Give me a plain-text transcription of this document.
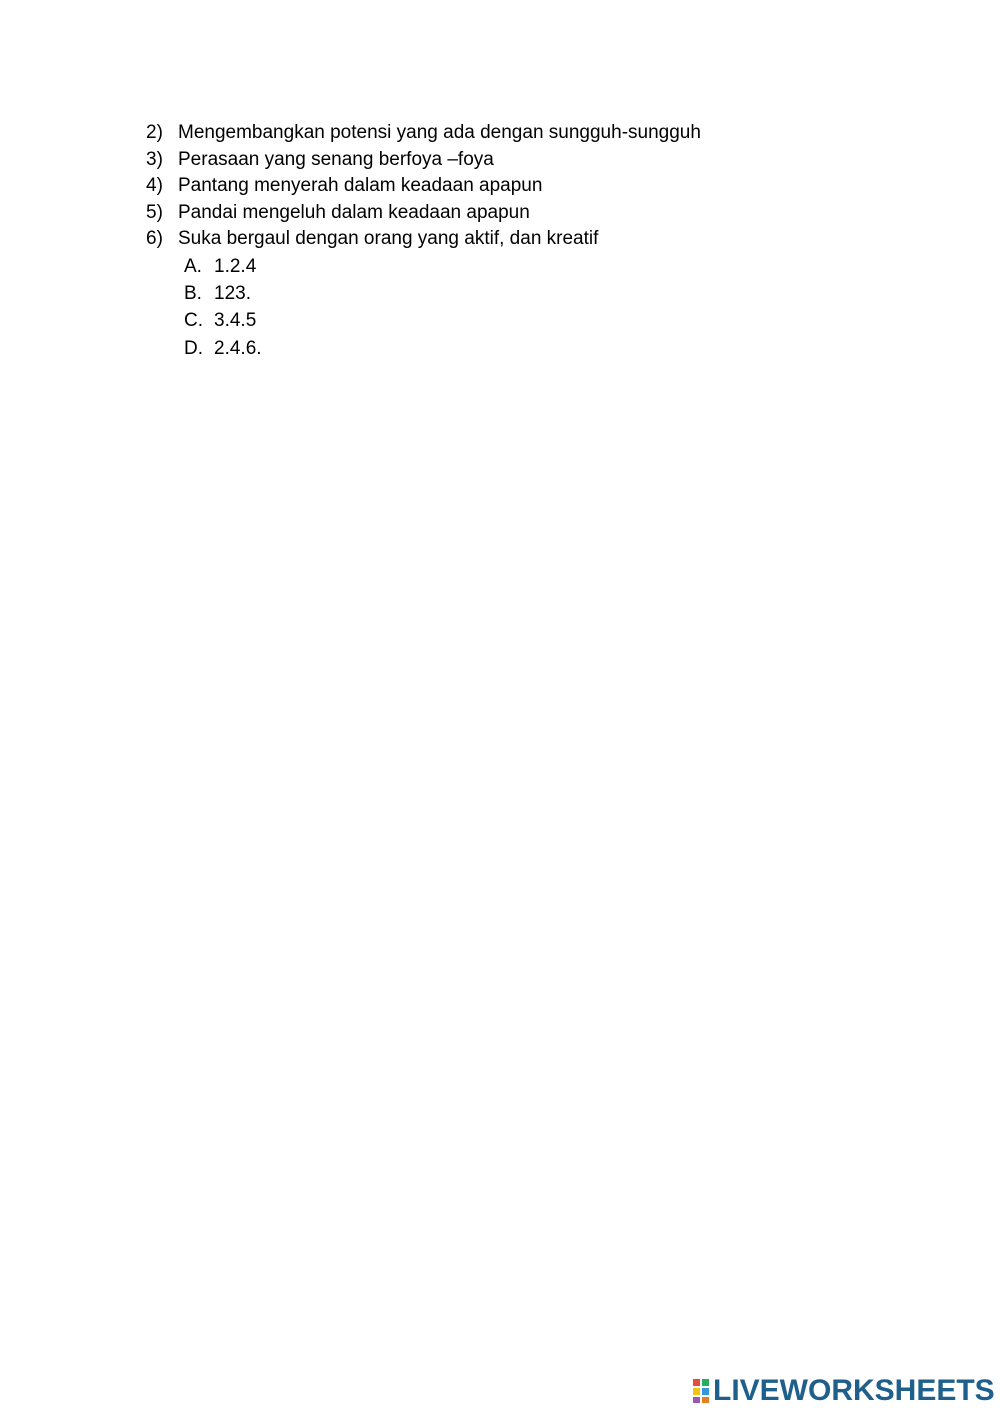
2) Mengembangkan potensi yang ada dengan sungguh-sungguh
3) Perasaan yang senang berfoya –foya
4) Pantang menyerah dalam keadaan apapun
5) Pandai mengeluh dalam keadaan apapun
6) Suka bergaul dengan orang yang aktif, dan kreatif
A. 1.2.4
B. 123.
C. 3.4.5
D. 2.4.6.
LIVEWORKSHEETS
